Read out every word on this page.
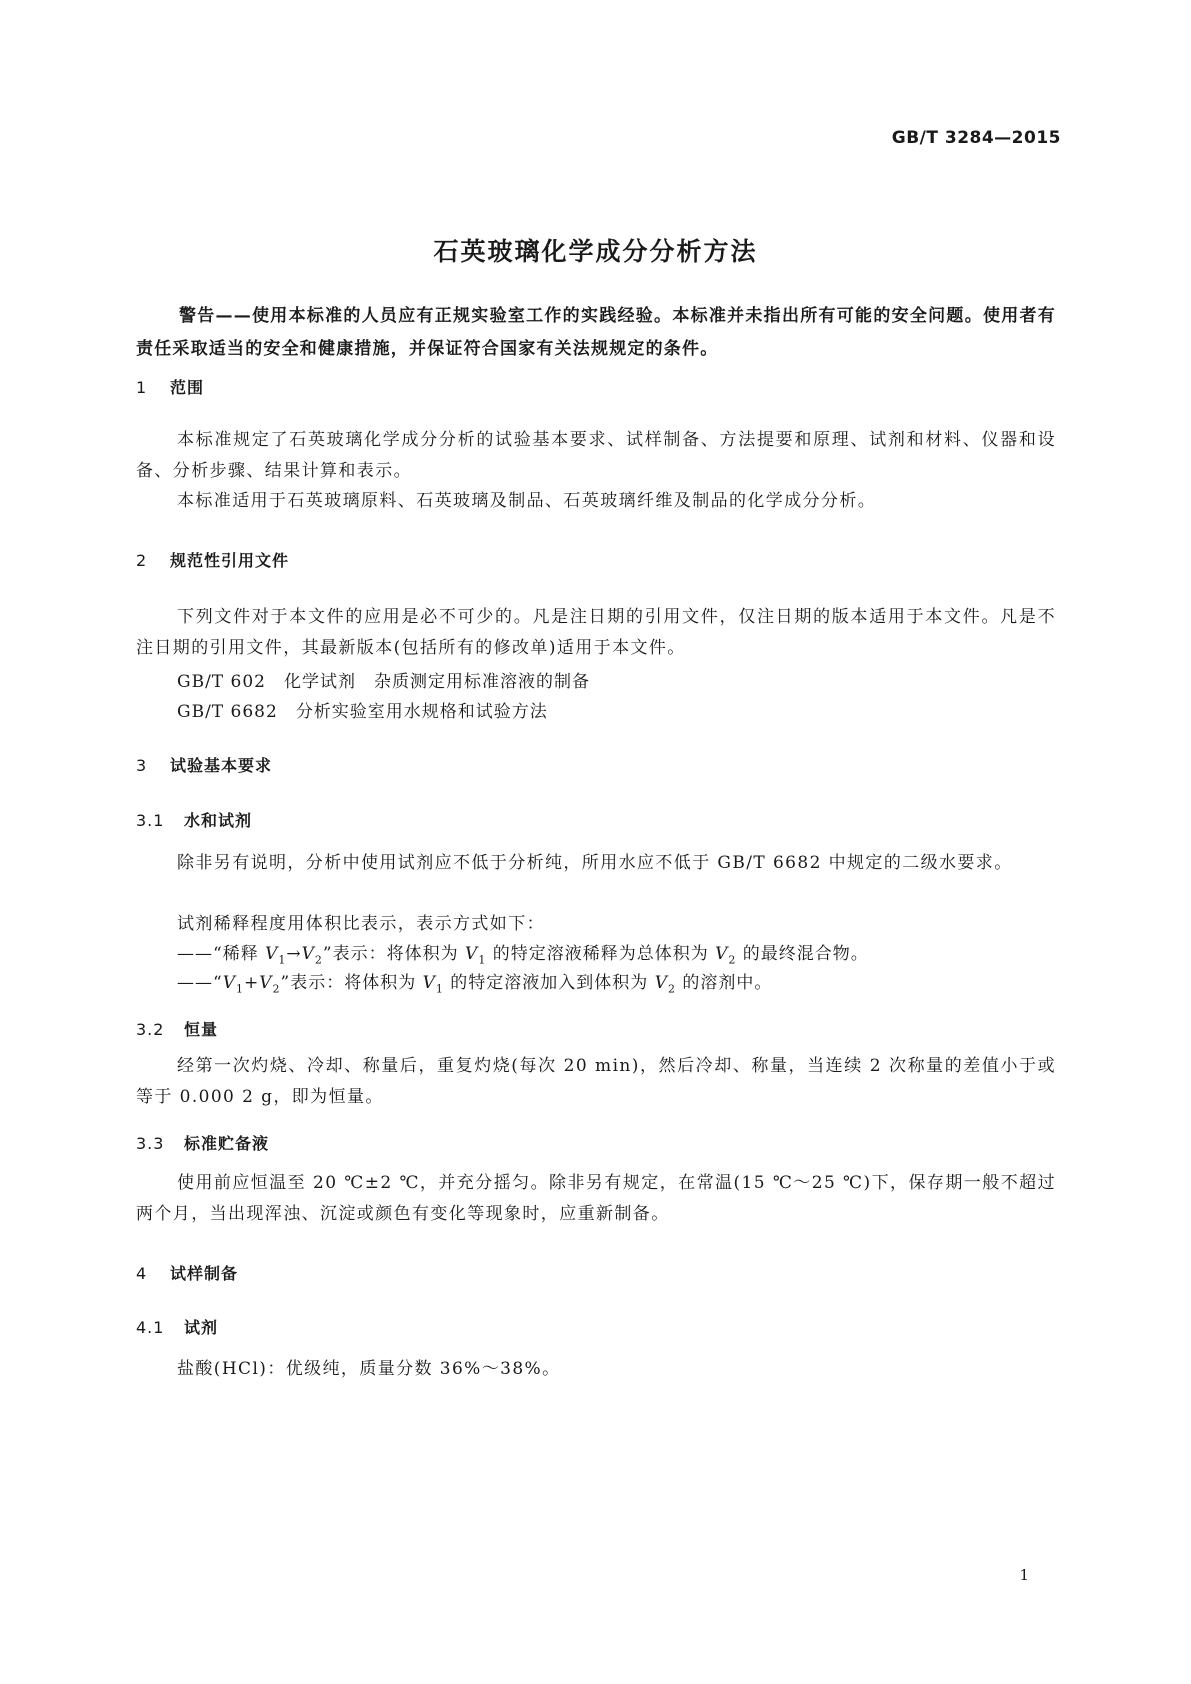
GB/T 3284—2015
石英玻璃化学成分分析方法
警告——使用本标准的人员应有正规实验室工作的实践经验。本标准并未指出所有可能的安全问题。使用者有责任采取适当的安全和健康措施，并保证符合国家有关法规规定的条件。
1 范围

本标准规定了石英玻璃化学成分分析的试验基本要求、试样制备、方法提要和原理、试剂和材料、仪器和设备、分析步骤、结果计算和表示。

本标准适用于石英玻璃原料、石英玻璃及制品、石英玻璃纤维及制品的化学成分分析。

2 规范性引用文件

下列文件对于本文件的应用是必不可少的。凡是注日期的引用文件，仅注日期的版本适用于本文件。凡是不注日期的引用文件，其最新版本(包括所有的修改单)适用于本文件。

GB/T 602 化学试剂　杂质测定用标准溶液的制备
GB/T 6682 分析实验室用水规格和试验方法
3 试验基本要求
3.1 水和试剂

除非另有说明，分析中使用试剂应不低于分析纯，所用水应不低于 GB/T 6682 中规定的二级水要求。

试剂稀释程度用体积比表示，表示方式如下：

——“稀释 $V_1\to V_2$”表示：将体积为 $V_1$ 的特定溶液稀释为总体积为 $V_2$ 的最终混合物。
$——“V_1+V_2$”表示：将体积为 $V_1$ 的特定溶液加入到体积为 $V_2$ 的溶剂中。
3.2 恒量

经第一次灼烧、冷却、称量后，重复灼烧(每次 20 min)，然后冷却、称量，当连续 2 次称量的差值小于或等于 0.000 2 g，即为恒量。

3.3 标准贮备液

使用前应恒温至 20 ℃±2 ℃，并充分摇匀。除非另有规定，在常温(15 ℃～25 ℃)下，保存期一般不超过两个月，当出现浑浊、沉淀或颜色有变化等现象时，应重新制备。

4 试样制备
4.1 试剂

盐酸(HCl)：优级纯，质量分数 36%～38%。

1
